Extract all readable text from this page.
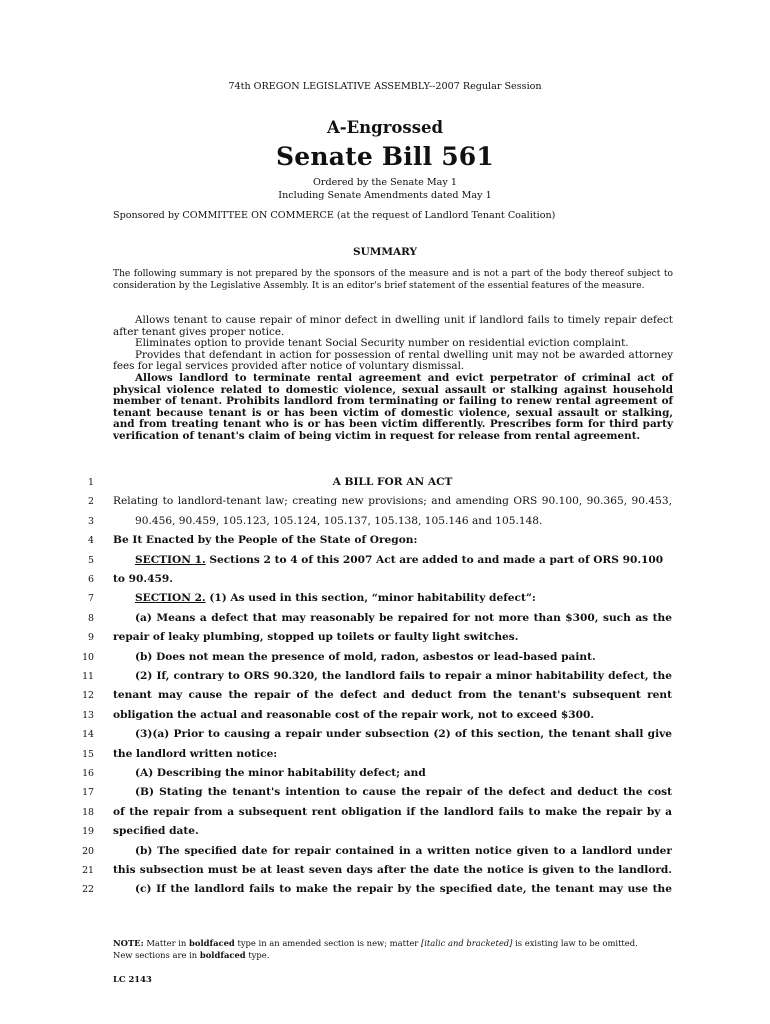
74th OREGON LEGISLATIVE ASSEMBLY--2007 Regular Session
A-Engrossed
Senate Bill 561
Ordered by the Senate May 1
Including Senate Amendments dated May 1
Sponsored by COMMITTEE ON COMMERCE (at the request of Landlord Tenant Coalition)
SUMMARY
The following summary is not prepared by the sponsors of the measure and is not a part of the body thereof subject to consideration by the Legislative Assembly. It is an editor's brief statement of the essential features of the measure.

Allows tenant to cause repair of minor defect in dwelling unit if landlord fails to timely repair defect after tenant gives proper notice.

Eliminates option to provide tenant Social Security number on residential eviction complaint.

Provides that defendant in action for possession of rental dwelling unit may not be awarded attorney fees for legal services provided after notice of voluntary dismissal.

Allows landlord to terminate rental agreement and evict perpetrator of criminal act of physical violence related to domestic violence, sexual assault or stalking against household member of tenant. Prohibits landlord from terminating or failing to renew rental agreement of tenant because tenant is or has been victim of domestic violence, sexual assault or stalking, and from treating tenant who is or has been victim differently. Prescribes form for third party verification of tenant's claim of being victim in request for release from rental agreement.

1	A BILL FOR AN ACT
2 Relating to landlord-tenant law; creating new provisions; and amending ORS 90.100, 90.365, 90.453,
3	90.456, 90.459, 105.123, 105.124, 105.137, 105.138, 105.146 and 105.148.
4 Be It Enacted by the People of the State of Oregon:
5	SECTION 1. Sections 2 to 4 of this 2007 Act are added to and made a part of ORS 90.100
6 to 90.459.
7	SECTION 2. (1) As used in this section, “minor habitability defect”:
8	(a) Means a defect that may reasonably be repaired for not more than $300, such as the
9 repair of leaky plumbing, stopped up toilets or faulty light switches.
10	(b) Does not mean the presence of mold, radon, asbestos or lead-based paint.
11	(2) If, contrary to ORS 90.320, the landlord fails to repair a minor habitability defect, the
12 tenant may cause the repair of the defect and deduct from the tenant's subsequent rent
13 obligation the actual and reasonable cost of the repair work, not to exceed $300.
14	(3)(a) Prior to causing a repair under subsection (2) of this section, the tenant shall give
15 the landlord written notice:
16	(A) Describing the minor habitability defect; and
17	(B) Stating the tenant's intention to cause the repair of the defect and deduct the cost
18 of the repair from a subsequent rent obligation if the landlord fails to make the repair by a
19 specified date.
20	(b) The specified date for repair contained in a written notice given to a landlord under
21 this subsection must be at least seven days after the date the notice is given to the landlord.
22	(c) If the landlord fails to make the repair by the specified date, the tenant may use the
NOTE: Matter in boldfaced type in an amended section is new; matter [italic and bracketed] is existing law to be omitted.
New sections are in boldfaced type.
LC 2143
